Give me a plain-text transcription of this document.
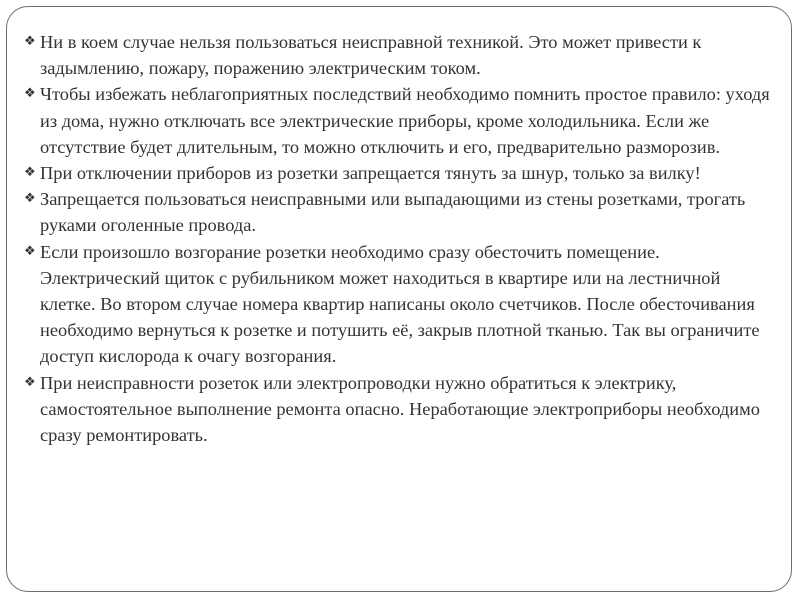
❖ Ни в коем случае нельзя пользоваться неисправной техникой. Это может привести к задымлению, пожару, поражению электрическим током.
❖ Чтобы избежать неблагоприятных последствий необходимо помнить простое правило: уходя из дома, нужно отключать все электрические приборы, кроме холодильника. Если же отсутствие будет длительным, то можно отключить и его, предварительно разморозив.
❖ При отключении приборов из розетки запрещается тянуть за шнур, только за вилку!
❖ Запрещается пользоваться неисправными или выпадающими из стены розетками, трогать руками оголенные провода.
❖ Если произошло возгорание розетки необходимо сразу обесточить помещение. Электрический щиток с рубильником может находиться в квартире или на лестничной клетке. Во втором случае номера квартир написаны около счетчиков. После обесточивания необходимо вернуться к розетке и потушить её, закрыв плотной тканью. Так вы ограничите доступ кислорода к очагу возгорания.
❖ При неисправности розеток или электропроводки нужно обратиться к электрику, самостоятельное выполнение ремонта опасно. Неработающие электроприборы необходимо сразу ремонтировать.
